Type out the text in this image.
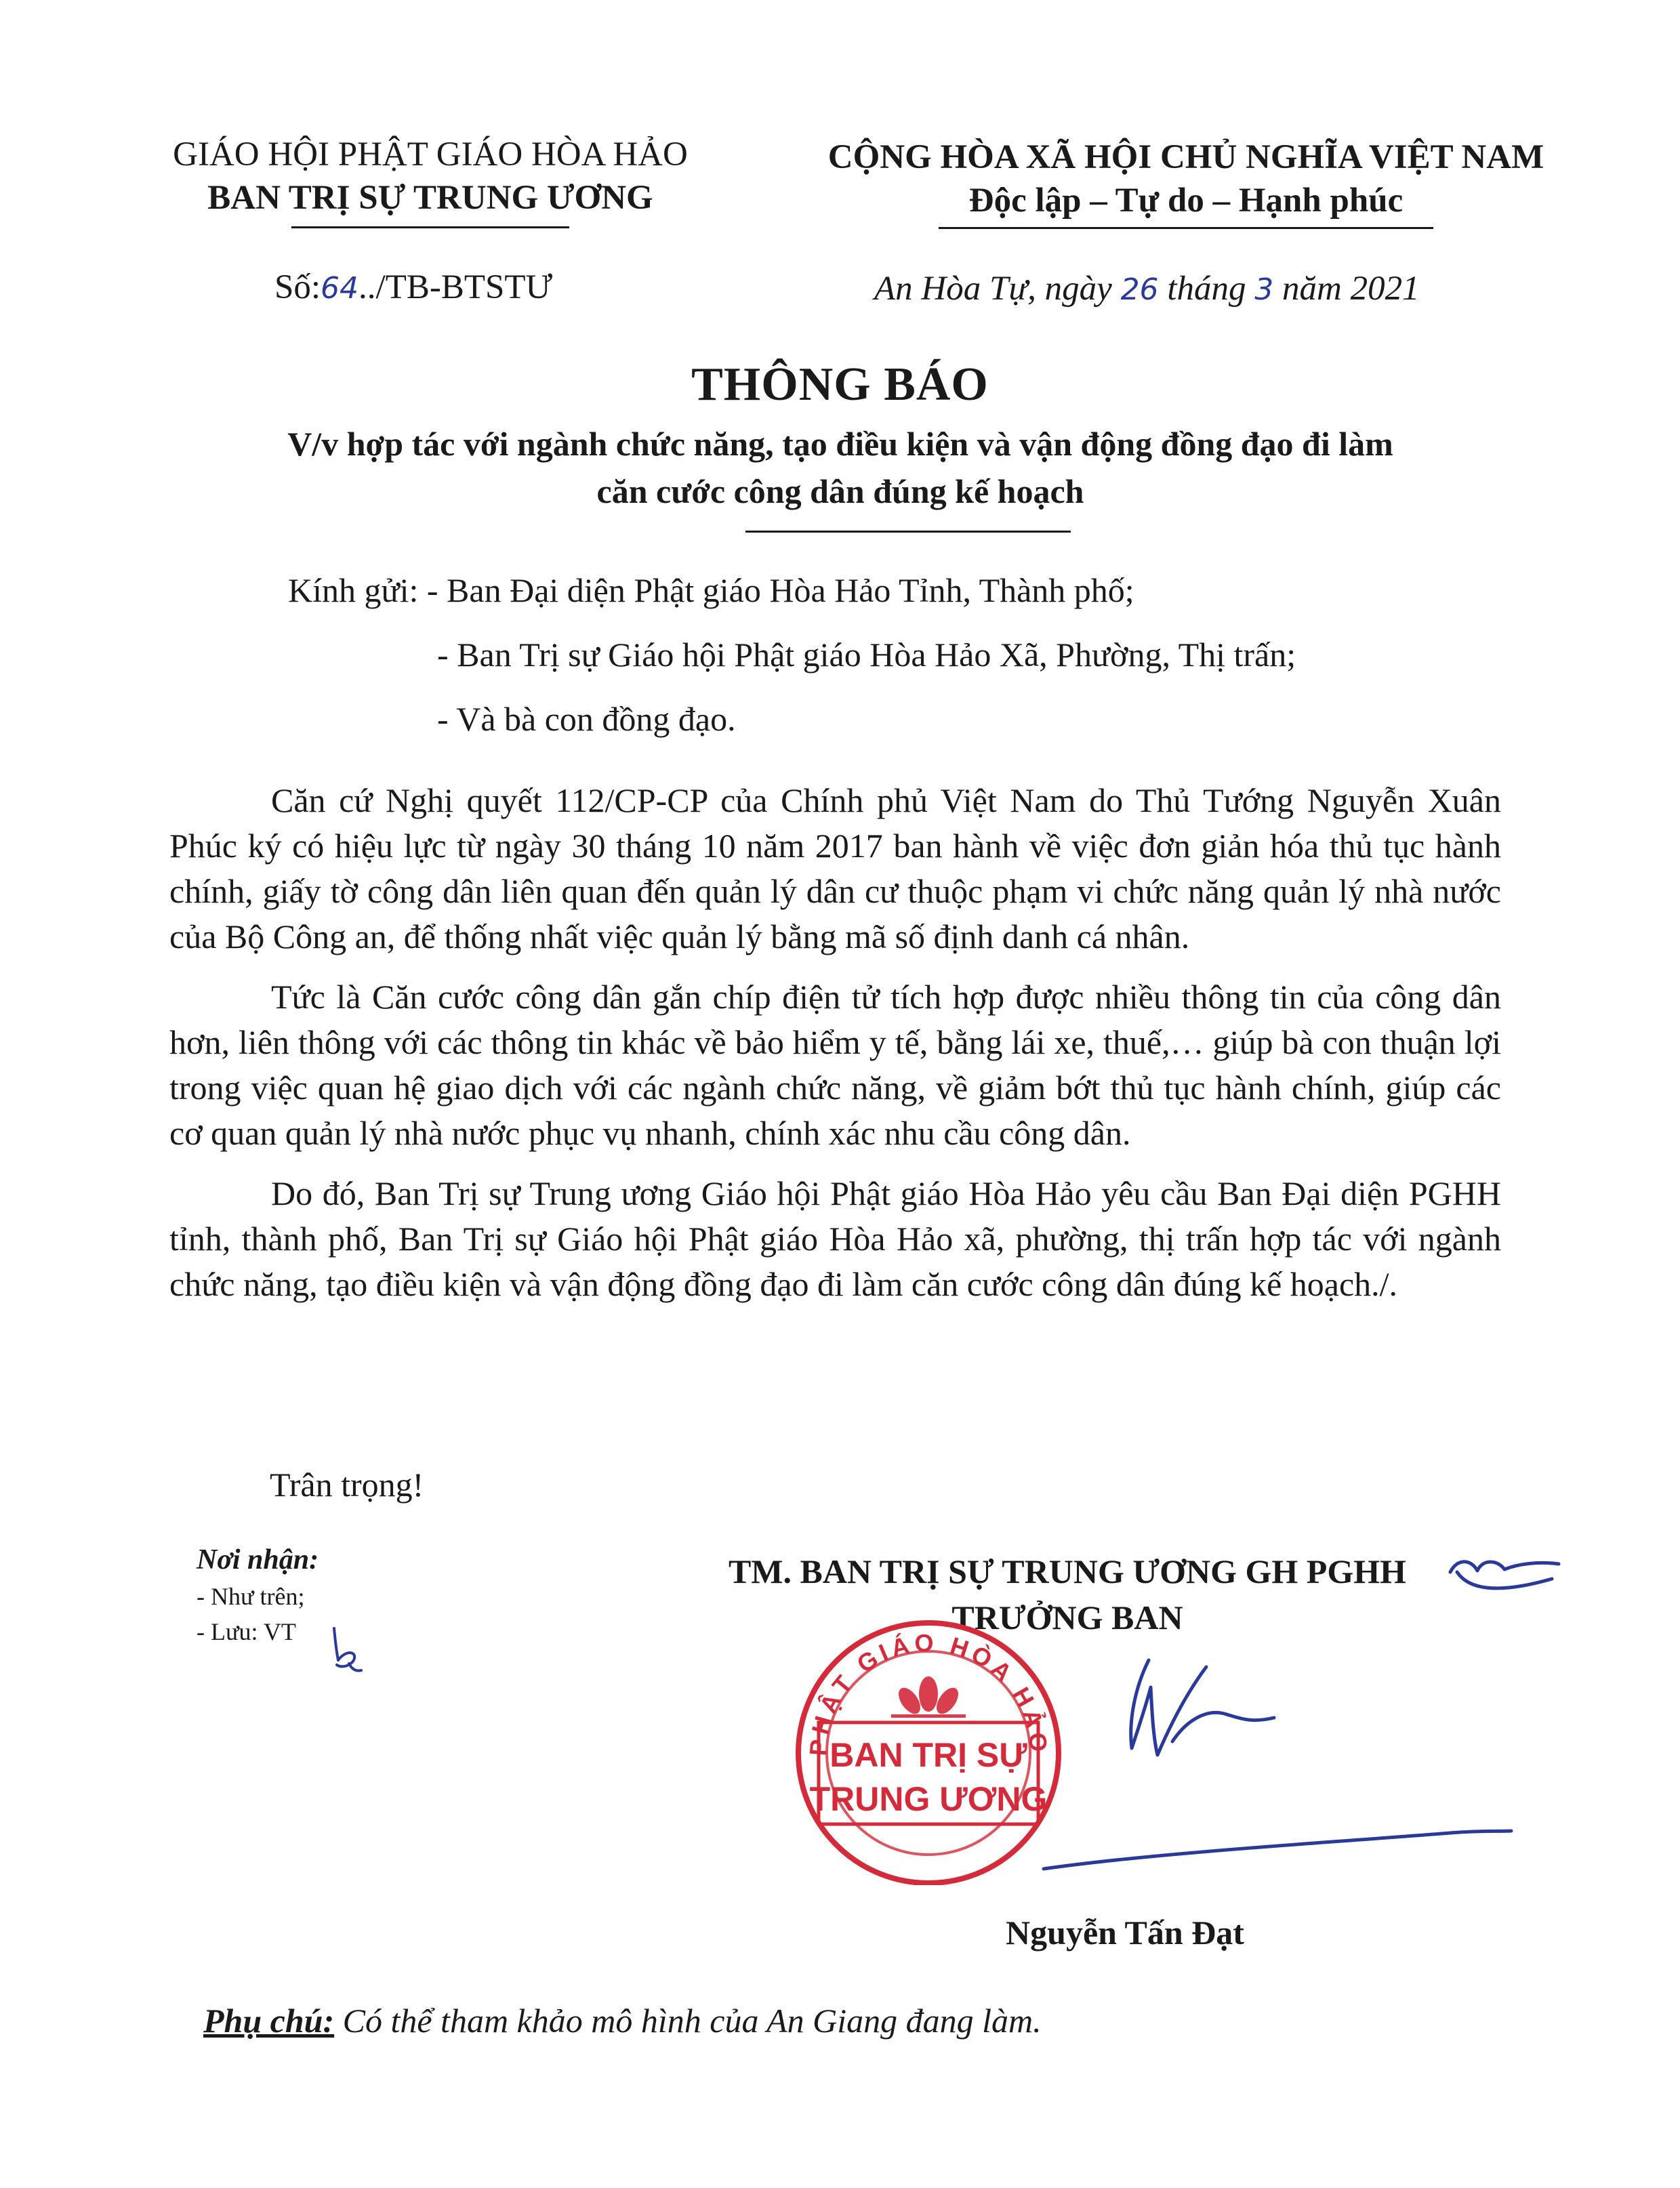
GIÁO HỘI PHẬT GIÁO HÒA HẢO
BAN TRỊ SỰ TRUNG ƯƠNG
Số:64../TB-BTSTƯ
CỘNG HÒA XÃ HỘI CHỦ NGHĨA VIỆT NAM
Độc lập – Tự do – Hạnh phúc
An Hòa Tự, ngày 26 tháng 3 năm 2021
THÔNG BÁO
V/v hợp tác với ngành chức năng, tạo điều kiện và vận động đồng đạo đi làm
căn cước công dân đúng kế hoạch
Kính gửi: - Ban Đại diện Phật giáo Hòa Hảo Tỉnh, Thành phố;
- Ban Trị sự Giáo hội Phật giáo Hòa Hảo Xã, Phường, Thị trấn;
- Và bà con đồng đạo.

Căn cứ Nghị quyết 112/CP-CP của Chính phủ Việt Nam do Thủ Tướng Nguyễn Xuân Phúc ký có hiệu lực từ ngày 30 tháng 10 năm 2017 ban hành về việc đơn giản hóa thủ tục hành chính, giấy tờ công dân liên quan đến quản lý dân cư thuộc phạm vi chức năng quản lý nhà nước của Bộ Công an, để thống nhất việc quản lý bằng mã số định danh cá nhân.

Tức là Căn cước công dân gắn chíp điện tử tích hợp được nhiều thông tin của công dân hơn, liên thông với các thông tin khác về bảo hiểm y tế, bằng lái xe, thuế,… giúp bà con thuận lợi trong việc quan hệ giao dịch với các ngành chức năng, về giảm bớt thủ tục hành chính, giúp các cơ quan quản lý nhà nước phục vụ nhanh, chính xác nhu cầu công dân.

Do đó, Ban Trị sự Trung ương Giáo hội Phật giáo Hòa Hảo yêu cầu Ban Đại diện PGHH tỉnh, thành phố, Ban Trị sự Giáo hội Phật giáo Hòa Hảo xã, phường, thị trấn hợp tác với ngành chức năng, tạo điều kiện và vận động đồng đạo đi làm căn cước công dân đúng kế hoạch./.

Trân trọng!
Nơi nhận:
- Như trên;
- Lưu: VT
TM. BAN TRỊ SỰ TRUNG ƯƠNG GH PGHH
TRƯỞNG BAN
PHẬT GIÁO HÒA HẢO
BAN TRỊ SỰ
TRUNG ƯƠNG
Nguyễn Tấn Đạt
Phụ chú: Có thể tham khảo mô hình của An Giang đang làm.
